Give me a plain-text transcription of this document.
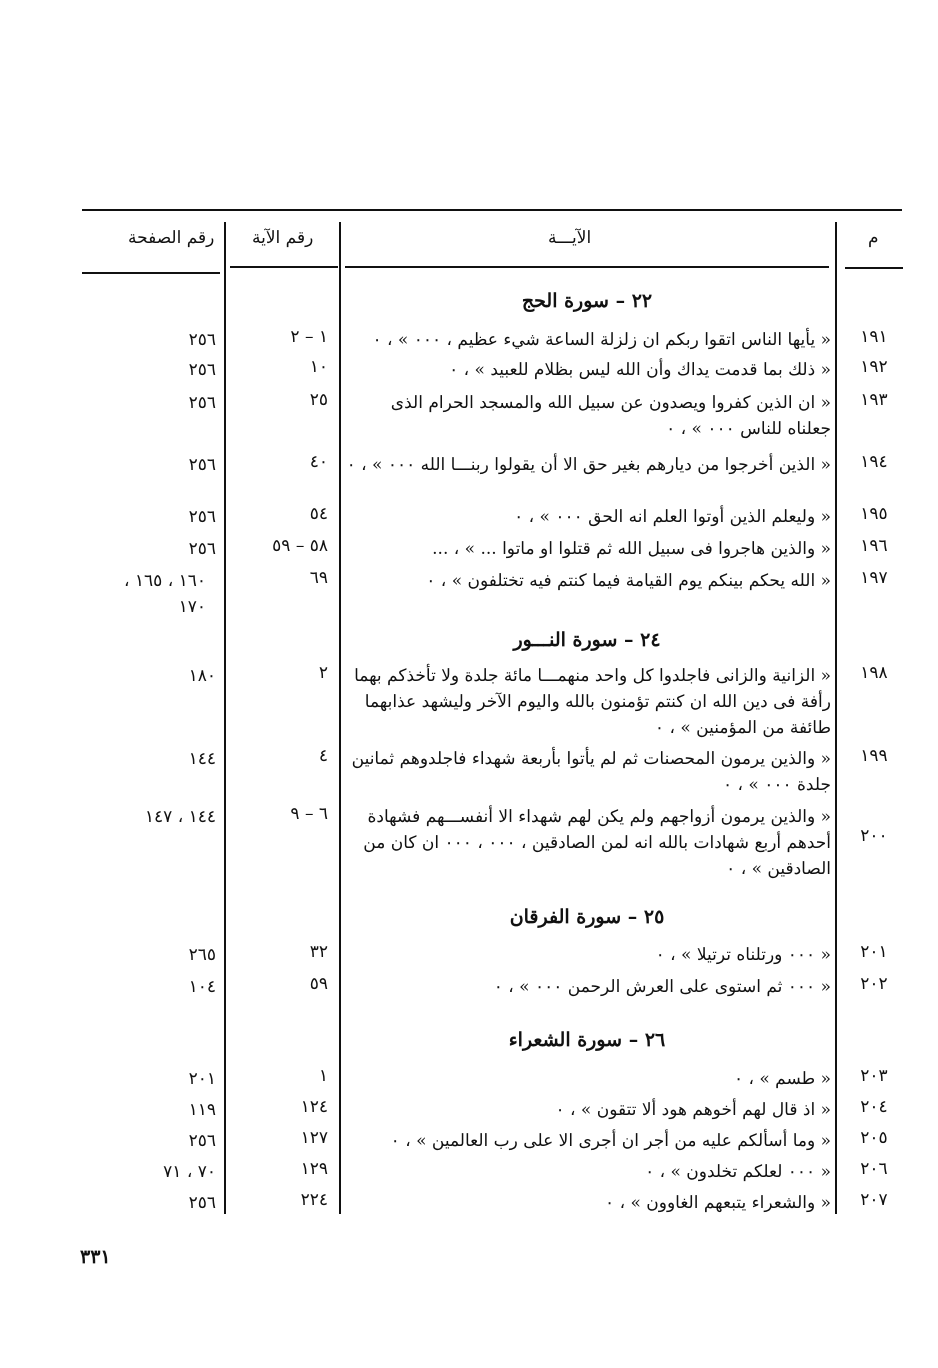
م
الآيـــة
رقم الآية
رقم الصفحة
٢٢ – سورة الحج
٢٤ – سورة النـــور
٢٥ – سورة الفرقان
٢٦ – سورة الشعراء
١٩١
« يأيها الناس اتقوا ربكم ان زلزلة الساعة شيء عظيم ، ٠٠٠ » ، ٠
١ – ٢
٢٥٦
١٩٢
« ذلك بما قدمت يداك وأن الله ليس بظلام للعبيد » ، ٠
١٠
٢٥٦
١٩٣
« ان الذين كفروا ويصدون عن سبيل الله والمسجد الحرام الذى جعلناه للناس ٠٠٠ » ، ٠
٢٥
٢٥٦
١٩٤
« الذين أخرجوا من ديارهم بغير حق الا أن يقولوا ربنـــا الله ٠٠٠ » ، ٠
٤٠
٢٥٦
١٩٥
« وليعلم الذين أوتوا العلم انه الحق ٠٠٠ » ، ٠
٥٤
٢٥٦
١٩٦
« والذين هاجروا فى سبيل الله ثم قتلوا او ماتوا ... » ، ...
٥٨ – ٥٩
٢٥٦
١٩٧
« الله يحكم بينكم يوم القيامة فيما كنتم فيه تختلفون » ، ٠
٦٩
١٦٠ ، ١٦٥ ، ١٧٠
١٩٨
« الزانية والزانى فاجلدوا كل واحد منهمـــا مائة جلدة ولا تأخذكم بهما رأفة فى دين الله ان كنتم تؤمنون بالله واليوم الآخر وليشهد عذابهما طائفة من المؤمنين » ، ٠
٢
١٨٠
١٩٩
« والذين يرمون المحصنات ثم لم يأتوا بأربعة شهداء فاجلدوهم ثمانين جلدة ٠٠٠ » ، ٠
٤
١٤٤
٢٠٠
« والذين يرمون أزواجهم ولم يكن لهم شهداء الا أنفســـهم فشهادة أحدهم أربع شهادات بالله انه لمن الصادقين ، ٠٠٠ ، ٠٠٠ ان كان من الصادقين » ، ٠
٦ – ٩
١٤٤ ، ١٤٧
٢٠١
« ٠٠٠ ورتلناه ترتيلا » ، ٠
٣٢
٢٦٥
٢٠٢
« ٠٠٠ ثم استوى على العرش الرحمن ٠٠٠ » ، ٠
٥٩
١٠٤
٢٠٣
« طسم » ، ٠
١
٢٠١
٢٠٤
« اذ قال لهم أخوهم هود ألا تتقون » ، ٠
١٢٤
١١٩
٢٠٥
« وما أسألكم عليه من أجر ان أجرى الا على رب العالمين » ، ٠
١٢٧
٢٥٦
٢٠٦
« ٠٠٠ لعلكم تخلدون » ، ٠
١٢٩
٧٠ ، ٧١
٢٠٧
« والشعراء يتبعهم الغاوون » ، ٠
٢٢٤
٢٥٦
٣٣١
